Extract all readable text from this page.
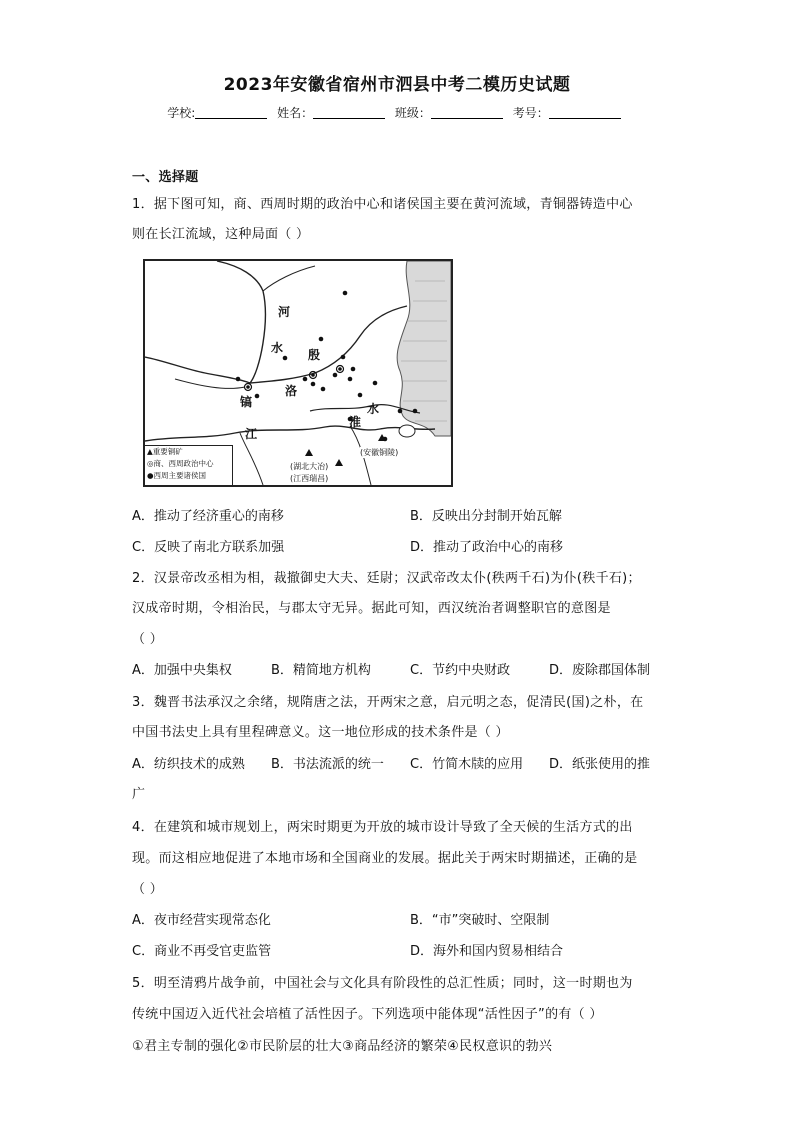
2023年安徽省宿州市泗县中考二模历史试题
学校:	姓名：	班级：	考号：
一、选择题
1．据下图可知，商、西周时期的政治中心和诸侯国主要在黄河流域，青铜器铸造中心
则在长江流域，这种局面（ ）
河
水 殷
洛
镐	水
淮
江
(湖北大冶)
(江西瑞昌)
(安徽铜陵)
▲重要铜矿
◎商、西周政治中心
●西周主要诸侯国
A．推动了经济重心的南移	B．反映出分封制开始瓦解
C．反映了南北方联系加强	D．推动了政治中心的南移
2．汉景帝改丞相为相，裁撤御史大夫、廷尉；汉武帝改太仆(秩两千石)为仆(秩千石)；
汉成帝时期，令相治民，与郡太守无异。据此可知，西汉统治者调整职官的意图是
（ ）
A．加强中央集权	B．精简地方机构	C．节约中央财政	D．废除郡国体制
3．魏晋书法承汉之余绪，规隋唐之法，开两宋之意，启元明之态，促清民(国)之朴，在
中国书法史上具有里程碑意义。这一地位形成的技术条件是（ ）
A．纺织技术的成熟 B．书法流派的统一 C．竹简木牍的应用 D．纸张使用的推
广
4．在建筑和城市规划上，两宋时期更为开放的城市设计导致了全天候的生活方式的出
现。而这相应地促进了本地市场和全国商业的发展。据此关于两宋时期描述，正确的是
（ ）
A．夜市经营实现常态化	B．“市”突破时、空限制
C．商业不再受官吏监管	D．海外和国内贸易相结合
5．明至清鸦片战争前，中国社会与文化具有阶段性的总汇性质；同时，这一时期也为
传统中国迈入近代社会培植了活性因子。下列选项中能体现“活性因子”的有（ ）
①君主专制的强化②市民阶层的壮大③商品经济的繁荣④民权意识的勃兴
